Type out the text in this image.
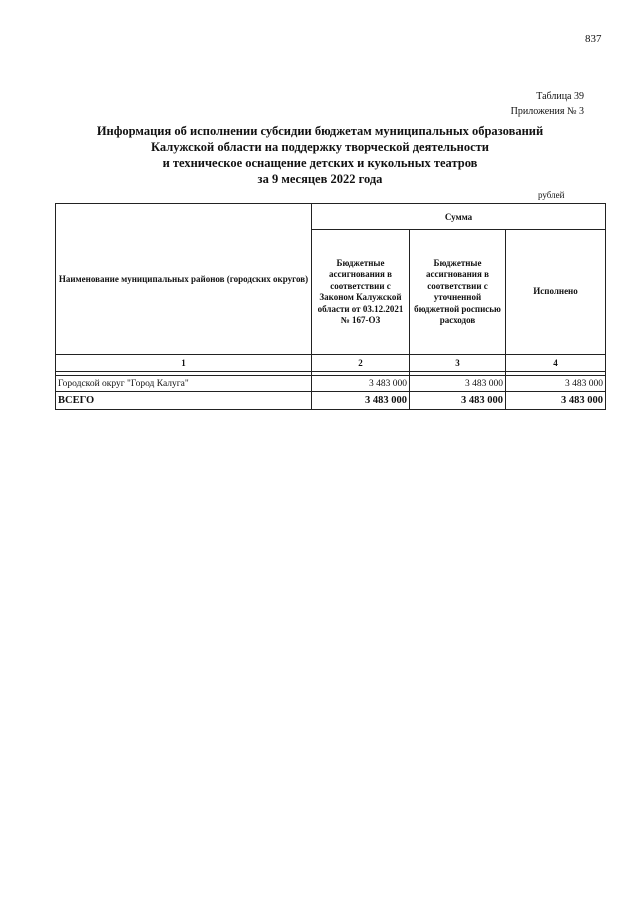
837
Таблица 39
Приложения № 3
Информация об исполнении субсидии бюджетам муниципальных образований
Калужской области на поддержку творческой деятельности
и техническое оснащение детских и кукольных театров
за 9 месяцев 2022 года
рублей
Наименование муниципальных районов (городских округов)	Сумма		
	Бюджетные ассигнования в соответствии с Законом Калужской области от 03.12.2021 № 167-ОЗ	Бюджетные ассигнования в соответствии с уточненной бюджетной росписью расходов	Исполнено
1	2	3	4

Городской округ "Город Калуга"	3 483 000	3 483 000	3 483 000
ВСЕГО	3 483 000	3 483 000	3 483 000
